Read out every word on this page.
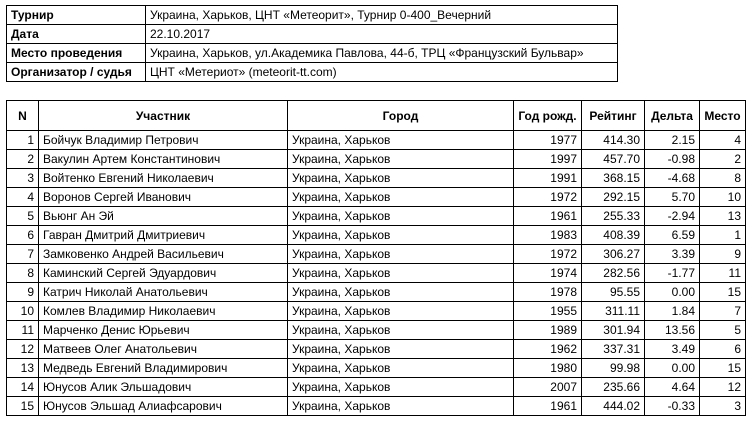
Турнир	Украина, Харьков, ЦНТ «Метеорит», Турнир 0-400_Вечерний
Дата	22.10.2017
Место проведения	Украина, Харьков, ул.Академика Павлова, 44-б, ТРЦ «Французский Бульвар»
Организатор / судья	ЦНТ «Метериот» (meteorit-tt.com)
N	Участник	Город	Год рожд.	Рейтинг	Дельта	Место
1	Бойчук Владимир Петрович	Украина, Харьков	1977	414.30	2.15	4
2	Вакулин Артем Константинович	Украина, Харьков	1997	457.70	-0.98	2
3	Войтенко Евгений Николаевич	Украина, Харьков	1991	368.15	-4.68	8
4	Воронов Сергей Иванович	Украина, Харьков	1972	292.15	5.70	10
5	Вьюнг Ан Эй	Украина, Харьков	1961	255.33	-2.94	13
6	Гавран Дмитрий Дмитриевич	Украина, Харьков	1983	408.39	6.59	1
7	Замковенко Андрей Васильевич	Украина, Харьков	1972	306.27	3.39	9
8	Каминский Сергей Эдуардович	Украина, Харьков	1974	282.56	-1.77	11
9	Катрич Николай Анатольевич	Украина, Харьков	1978	95.55	0.00	15
10	Комлев Владимир Николаевич	Украина, Харьков	1955	311.11	1.84	7
11	Марченко Денис Юрьевич	Украина, Харьков	1989	301.94	13.56	5
12	Матвеев Олег Анатольевич	Украина, Харьков	1962	337.31	3.49	6
13	Медведь Евгений Владимирович	Украина, Харьков	1980	99.98	0.00	15
14	Юнусов Алик Эльшадович	Украина, Харьков	2007	235.66	4.64	12
15	Юнусов Эльшад Алиафсарович	Украина, Харьков	1961	444.02	-0.33	3
